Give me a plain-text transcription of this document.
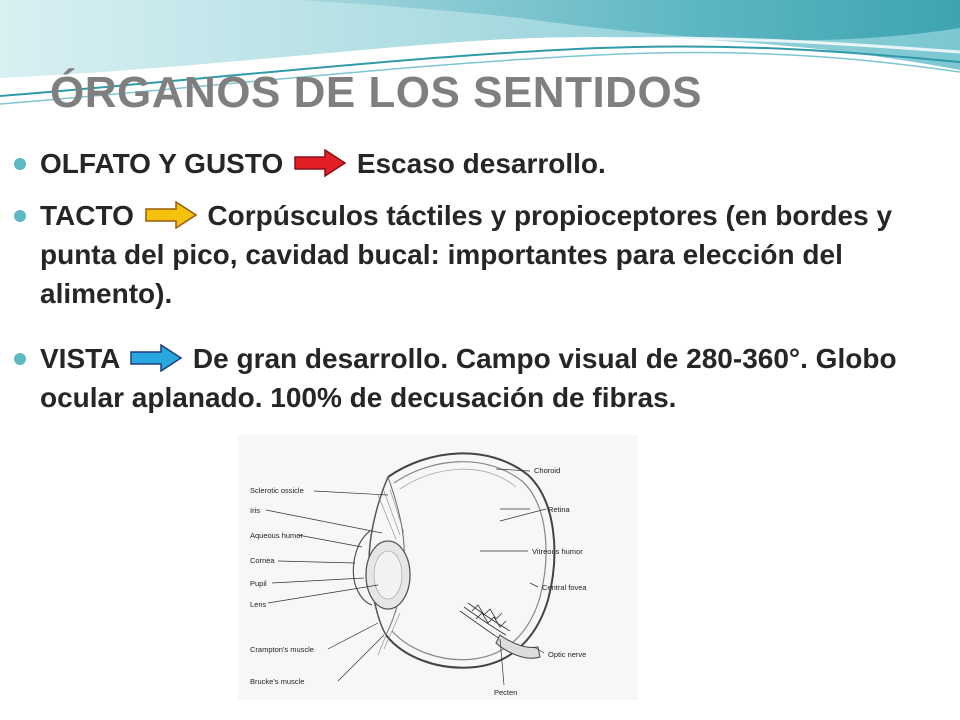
ÓRGANOS DE LOS SENTIDOS
OLFATO Y GUSTO	Escaso desarrollo.
TACTO	Corpúsculos táctiles y propioceptores (en bordes y punta del pico, cavidad bucal: importantes para elección del alimento).
VISTA	De gran desarrollo. Campo visual de 280-360°. Globo ocular aplanado. 100% de decusación de fibras.
Sclerotic ossicle
Iris
Aqueous humor
Cornea
Pupil
Lens
Crampton's muscle
Brucke's muscle
Choroid
Retina
Vitreous humor
Central fovea
Optic nerve
Pecten
